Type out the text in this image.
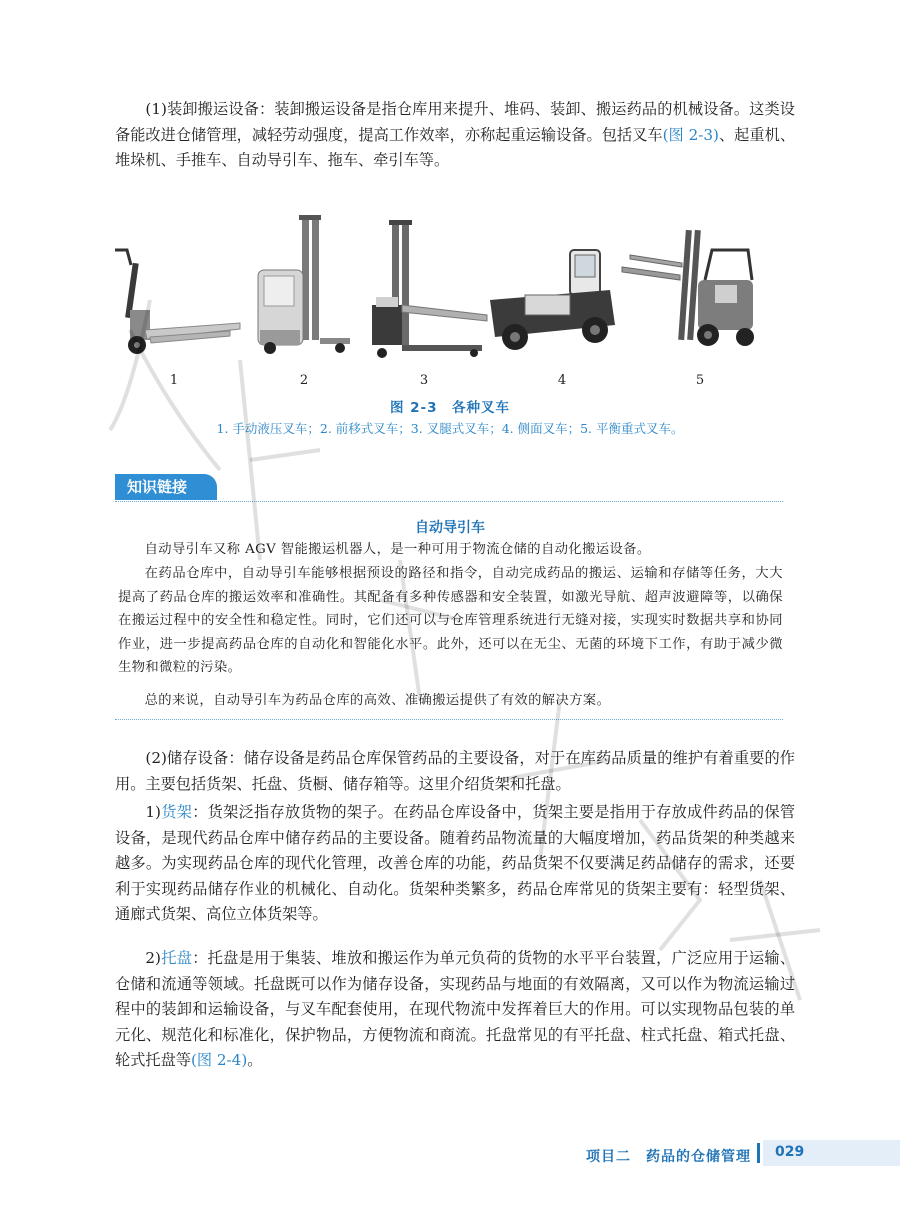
(1)装卸搬运设备：装卸搬运设备是指仓库用来提升、堆码、装卸、搬运药品的机械设备。这类设备能改进仓储管理，减轻劳动强度，提高工作效率，亦称起重运输设备。包括叉车(图 2-3)、起重机、堆垛机、手推车、自动导引车、拖车、牵引车等。

1	2	3	4	5
图 2-3　各种叉车
1. 手动液压叉车；2. 前移式叉车；3. 叉腿式叉车；4. 侧面叉车；5. 平衡重式叉车。
知识链接
自动导引车

自动导引车又称 AGV 智能搬运机器人，是一种可用于物流仓储的自动化搬运设备。

在药品仓库中，自动导引车能够根据预设的路径和指令，自动完成药品的搬运、运输和存储等任务，大大提高了药品仓库的搬运效率和准确性。其配备有多种传感器和安全装置，如激光导航、超声波避障等，以确保在搬运过程中的安全性和稳定性。同时，它们还可以与仓库管理系统进行无缝对接，实现实时数据共享和协同作业，进一步提高药品仓库的自动化和智能化水平。此外，还可以在无尘、无菌的环境下工作，有助于减少微生物和微粒的污染。

总的来说，自动导引车为药品仓库的高效、准确搬运提供了有效的解决方案。

(2)储存设备：储存设备是药品仓库保管药品的主要设备，对于在库药品质量的维护有着重要的作用。主要包括货架、托盘、货橱、储存箱等。这里介绍货架和托盘。

1)货架：货架泛指存放货物的架子。在药品仓库设备中，货架主要是指用于存放成件药品的保管设备，是现代药品仓库中储存药品的主要设备。随着药品物流量的大幅度增加，药品货架的种类越来越多。为实现药品仓库的现代化管理，改善仓库的功能，药品货架不仅要满足药品储存的需求，还要利于实现药品储存作业的机械化、自动化。货架种类繁多，药品仓库常见的货架主要有：轻型货架、通廊式货架、高位立体货架等。

2)托盘：托盘是用于集装、堆放和搬运作为单元负荷的货物的水平平台装置，广泛应用于运输、仓储和流通等领域。托盘既可以作为储存设备，实现药品与地面的有效隔离，又可以作为物流运输过程中的装卸和运输设备，与叉车配套使用，在现代物流中发挥着巨大的作用。可以实现物品包装的单元化、规范化和标准化，保护物品，方便物流和商流。托盘常见的有平托盘、柱式托盘、箱式托盘、轮式托盘等(图 2-4)。

项目二　药品的仓储管理 029
